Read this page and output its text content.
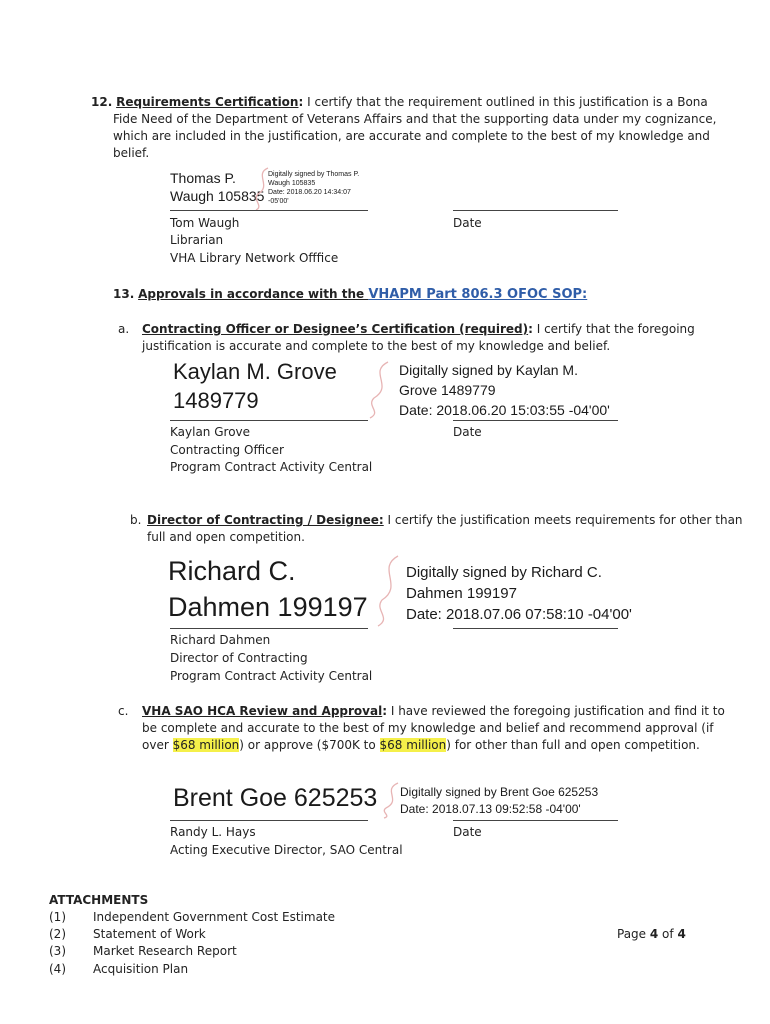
12. Requirements Certification: I certify that the requirement outlined in this justification is a Bona
Fide Need of the Department of Veterans Affairs and that the supporting data under my cognizance,
which are included in the justification, are accurate and complete to the best of my knowledge and
belief.
Thomas P.
Waugh 105835
Digitally signed by Thomas P.
Waugh 105835
Date: 2018.06.20 14:34:07
-05'00'
Tom Waugh	Date
Librarian
VHA Library Network Offfice
13. Approvals in accordance with the VHAPM Part 806.3 OFOC SOP:
a. Contracting Officer or Designee’s Certification (required): I certify that the foregoing
justification is accurate and complete to the best of my knowledge and belief.
Kaylan M. Grove
1489779
Digitally signed by Kaylan M.
Grove 1489779
Date: 2018.06.20 15:03:55 -04'00'
Kaylan Grove	Date
Contracting Officer
Program Contract Activity Central
b. Director of Contracting / Designee: I certify the justification meets requirements for other than
full and open competition.
Richard C.
Dahmen 199197
Digitally signed by Richard C.
Dahmen 199197
Date: 2018.07.06 07:58:10 -04'00'
Richard Dahmen
Director of Contracting
Program Contract Activity Central
c. VHA SAO HCA Review and Approval: I have reviewed the foregoing justification and find it to
be complete and accurate to the best of my knowledge and belief and recommend approval (if
over $68 million) or approve ($700K to $68 million) for other than full and open competition.
Brent Goe 625253 Digitally signed by Brent Goe 625253
Date: 2018.07.13 09:52:58 -04'00'
Randy L. Hays	Date
Acting Executive Director, SAO Central
ATTACHMENTS
(1) Independent Government Cost Estimate
(2) Statement of Work
(3) Market Research Report
(4) Acquisition Plan
Page 4 of 4
